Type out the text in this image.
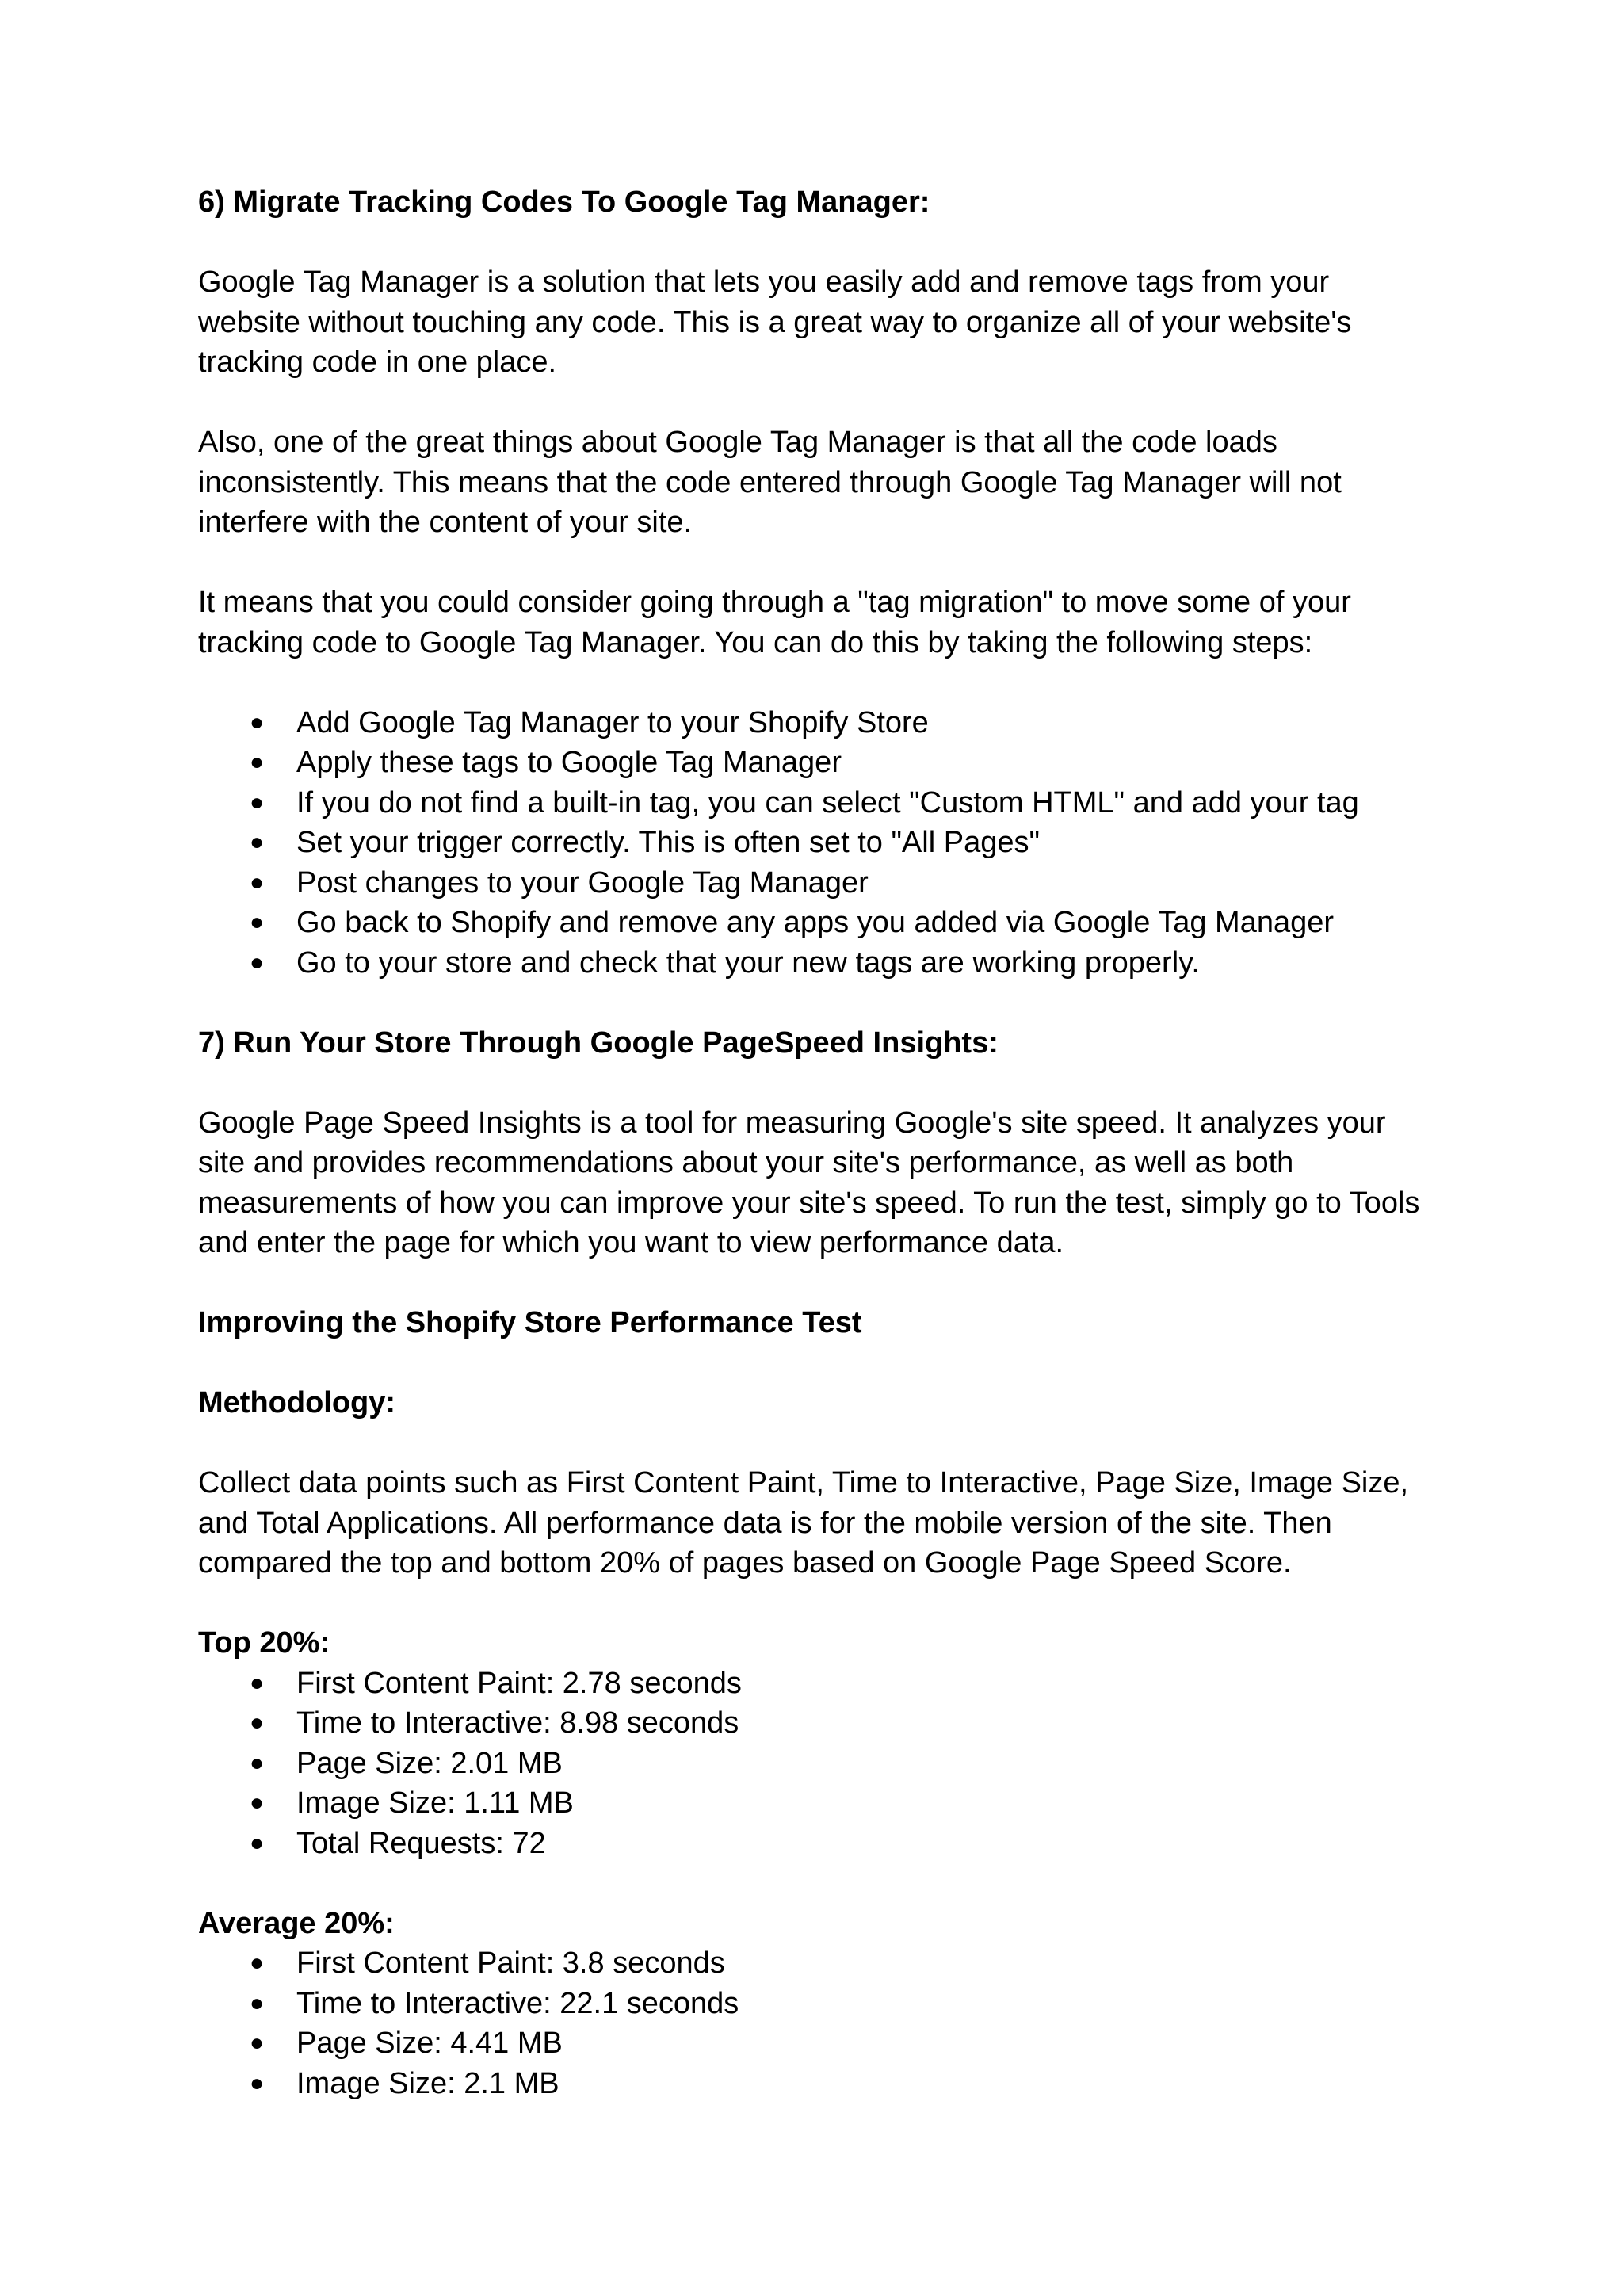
6) Migrate Tracking Codes To Google Tag Manager:
Google Tag Manager is a solution that lets you easily add and remove tags from your website without touching any code. This is a great way to organize all of your website's tracking code in one place.
Also, one of the great things about Google Tag Manager is that all the code loads inconsistently. This means that the code entered through Google Tag Manager will not interfere with the content of your site.
It means that you could consider going through a "tag migration" to move some of your tracking code to Google Tag Manager. You can do this by taking the following steps:
● Add Google Tag Manager to your Shopify Store
● Apply these tags to Google Tag Manager
● If you do not find a built-in tag, you can select "Custom HTML" and add your tag
● Set your trigger correctly. This is often set to "All Pages"
● Post changes to your Google Tag Manager
● Go back to Shopify and remove any apps you added via Google Tag Manager
● Go to your store and check that your new tags are working properly.
7) Run Your Store Through Google PageSpeed Insights:
Google Page Speed Insights is a tool for measuring Google's site speed. It analyzes your site and provides recommendations about your site's performance, as well as both measurements of how you can improve your site's speed. To run the test, simply go to Tools and enter the page for which you want to view performance data.
Improving the Shopify Store Performance Test
Methodology:
Collect data points such as First Content Paint, Time to Interactive, Page Size, Image Size, and Total Applications. All performance data is for the mobile version of the site. Then compared the top and bottom 20% of pages based on Google Page Speed Score.
Top 20%:
● First Content Paint: 2.78 seconds
● Time to Interactive: 8.98 seconds
● Page Size: 2.01 MB
● Image Size: 1.11 MB
● Total Requests: 72
Average 20%:
● First Content Paint: 3.8 seconds
● Time to Interactive: 22.1 seconds
● Page Size: 4.41 MB
● Image Size: 2.1 MB
